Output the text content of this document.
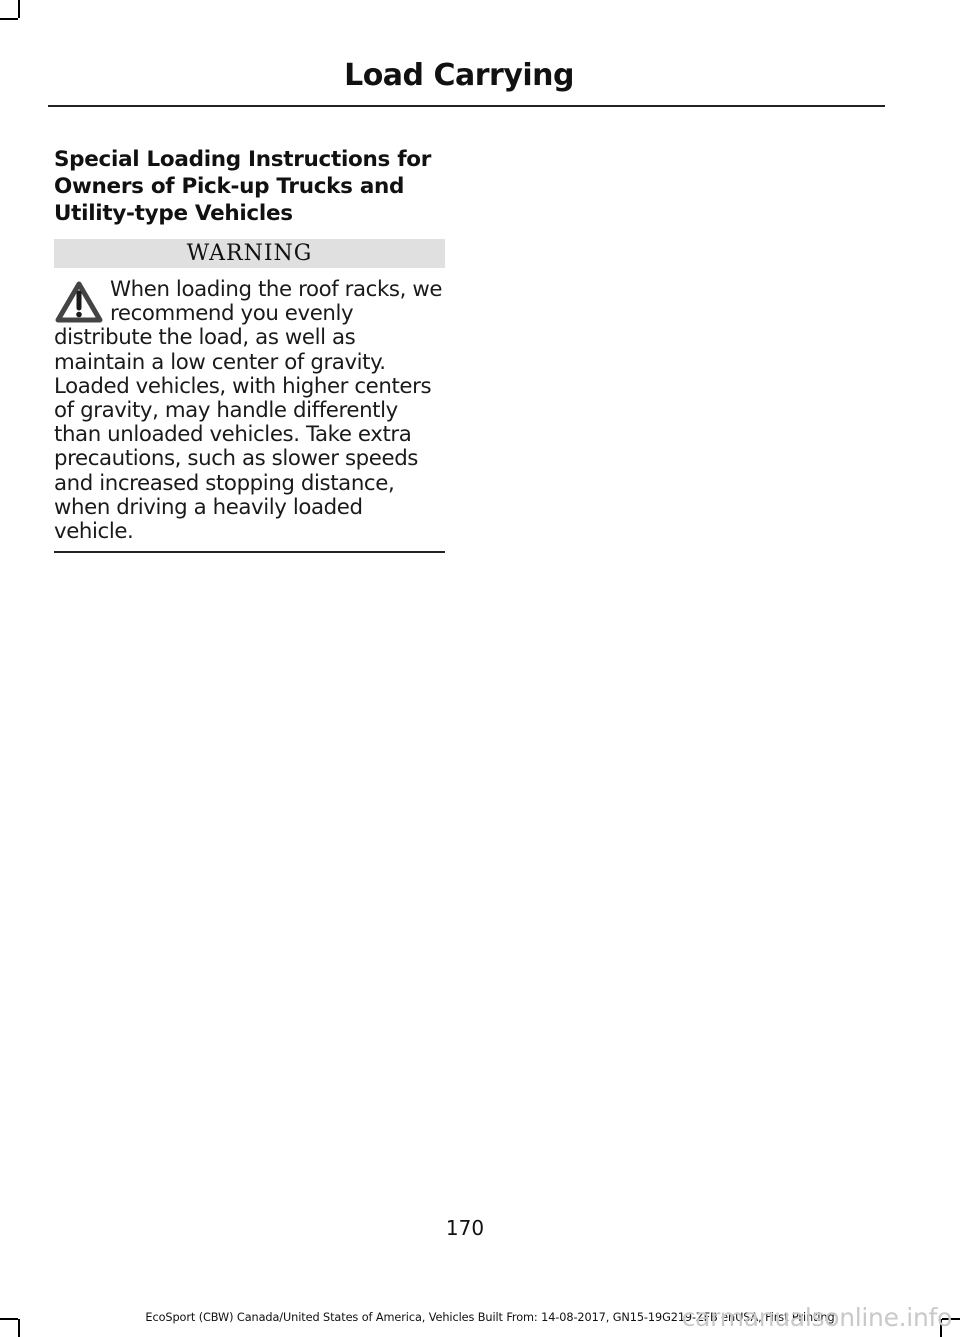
Load Carrying
Special Loading Instructions for Owners of Pick-up Trucks and Utility-type Vehicles
WARNING

When loading the roof racks, we recommend you evenly distribute the load, as well as maintain a low center of gravity. Loaded vehicles, with higher centers of gravity, may handle differently than unloaded vehicles. Take extra precautions, such as slower speeds and increased stopping distance, when driving a heavily loaded vehicle.

170
EcoSport (CBW) Canada/United States of America, Vehicles Built From: 14-08-2017, GN15-19G219-ZFB enUSA, First Printing
carmanualsonline.info
